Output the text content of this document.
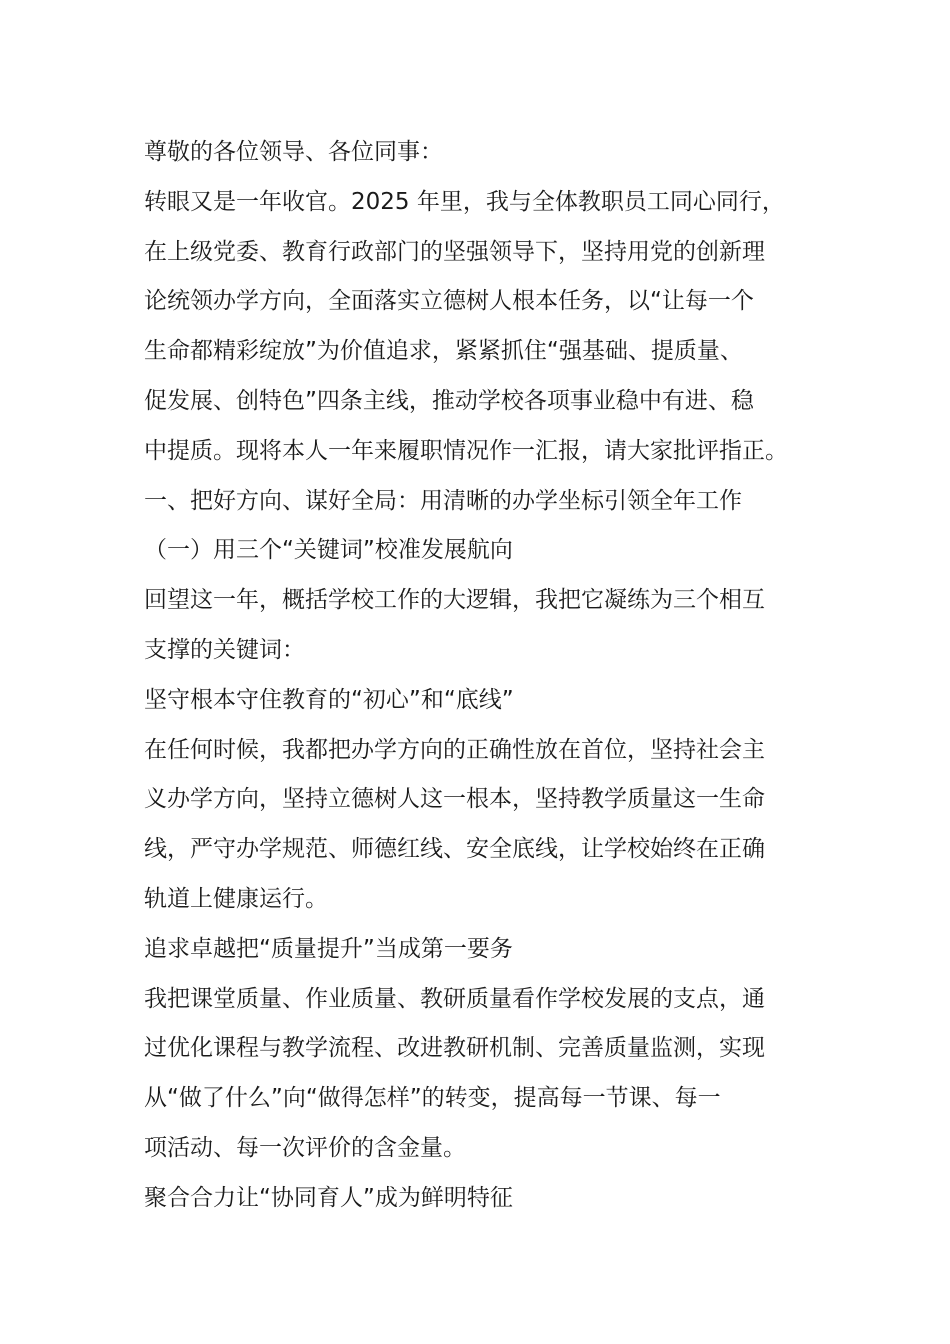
尊敬的各位领导、各位同事：
转眼又是一年收官。2025 年里，我与全体教职员工同心同行，
在上级党委、教育行政部门的坚强领导下，坚持用党的创新理
论统领办学方向，全面落实立德树人根本任务，以“让每一个
生命都精彩绽放”为价值追求，紧紧抓住“强基础、提质量、
促发展、创特色”四条主线，推动学校各项事业稳中有进、稳
中提质。现将本人一年来履职情况作一汇报，请大家批评指正。
一、把好方向、谋好全局：用清晰的办学坐标引领全年工作
（一）用三个“关键词”校准发展航向
回望这一年，概括学校工作的大逻辑，我把它凝练为三个相互
支撑的关键词：
坚守根本守住教育的“初心”和“底线”
在任何时候，我都把办学方向的正确性放在首位，坚持社会主
义办学方向，坚持立德树人这一根本，坚持教学质量这一生命
线，严守办学规范、师德红线、安全底线，让学校始终在正确
轨道上健康运行。
追求卓越把“质量提升”当成第一要务
我把课堂质量、作业质量、教研质量看作学校发展的支点，通
过优化课程与教学流程、改进教研机制、完善质量监测，实现
从“做了什么”向“做得怎样”的转变，提高每一节课、每一
项活动、每一次评价的含金量。
聚合合力让“协同育人”成为鲜明特征
